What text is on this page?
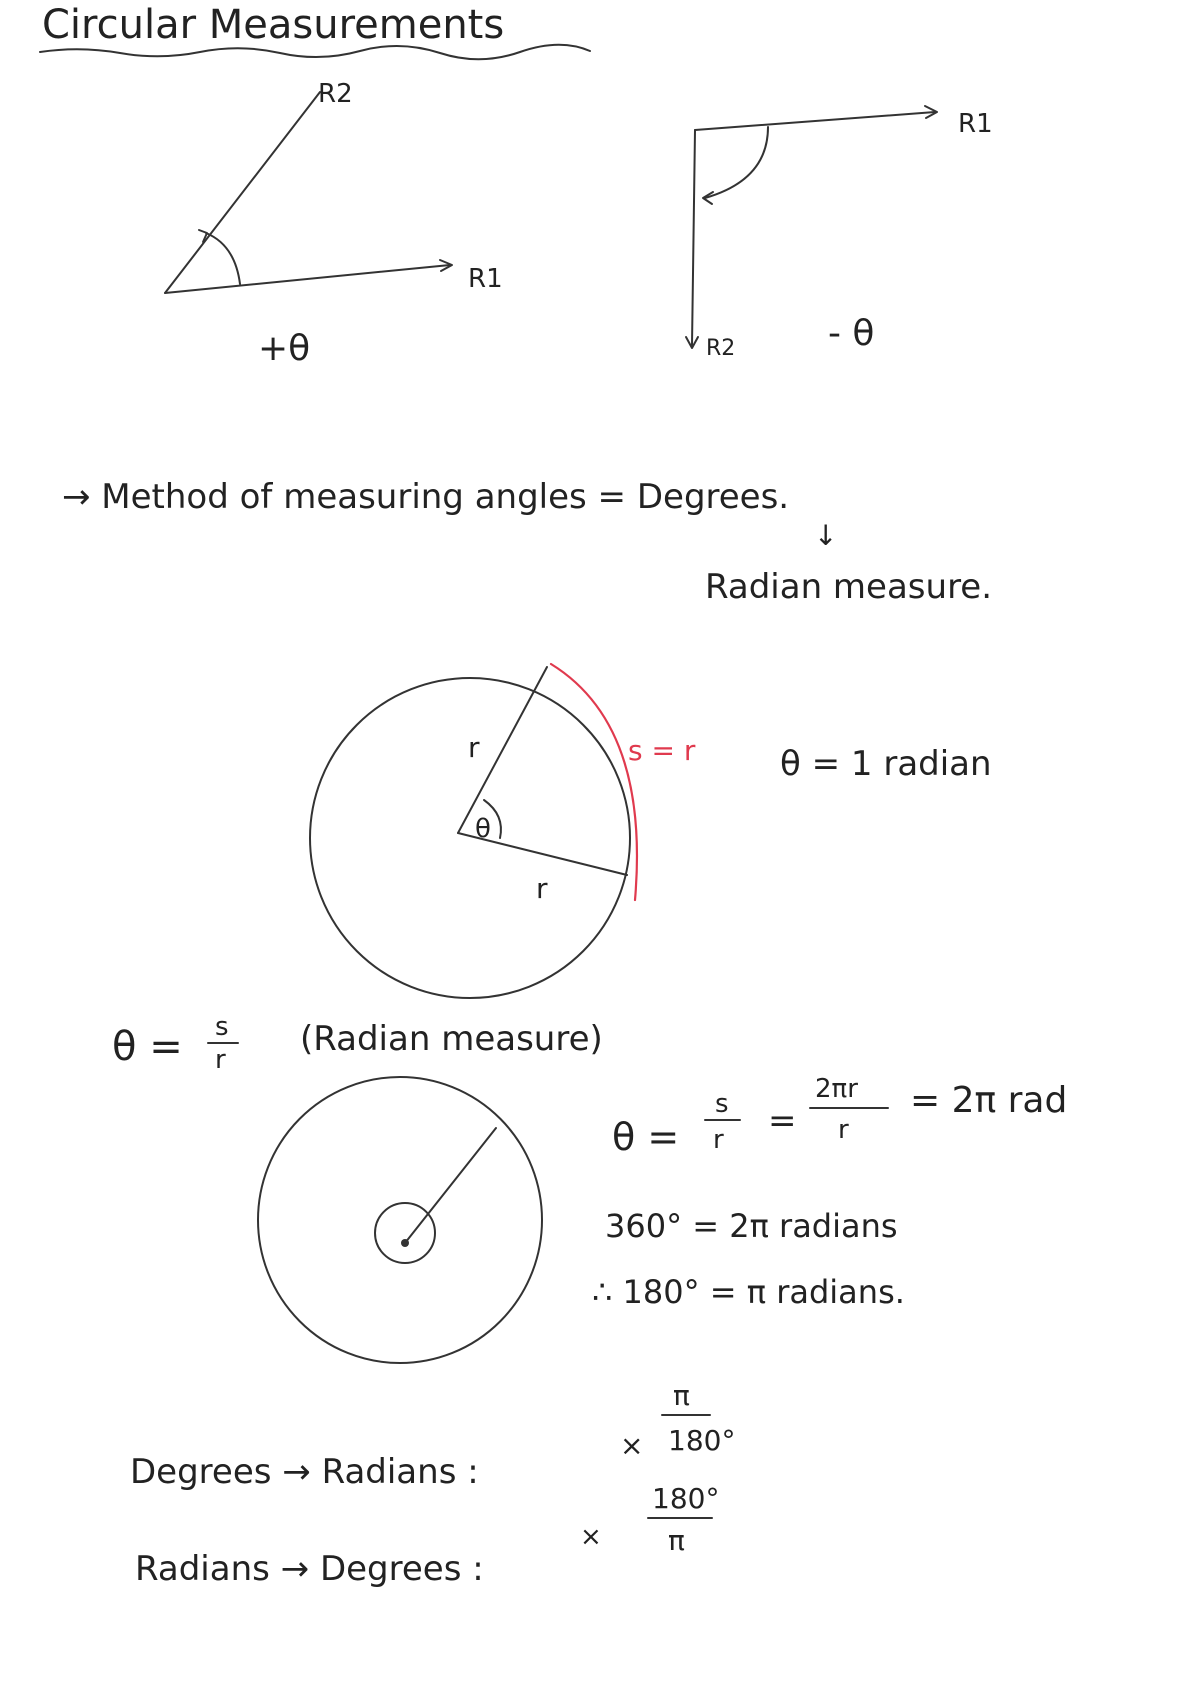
Circular Measurements
R2
R1
+θ
R1
R2	- θ
→ Method of measuring angles = Degrees.
↓
Radian measure.
r
r
θ
s = r θ = 1 radian
θ = s
r
(Radian measure)
θ =
s
r =
2πr
r
= 2π rad
360° = 2π radians
∴ 180° = π radians.
Degrees → Radians :
×
π
180°
Radians → Degrees :
×
180°
π
